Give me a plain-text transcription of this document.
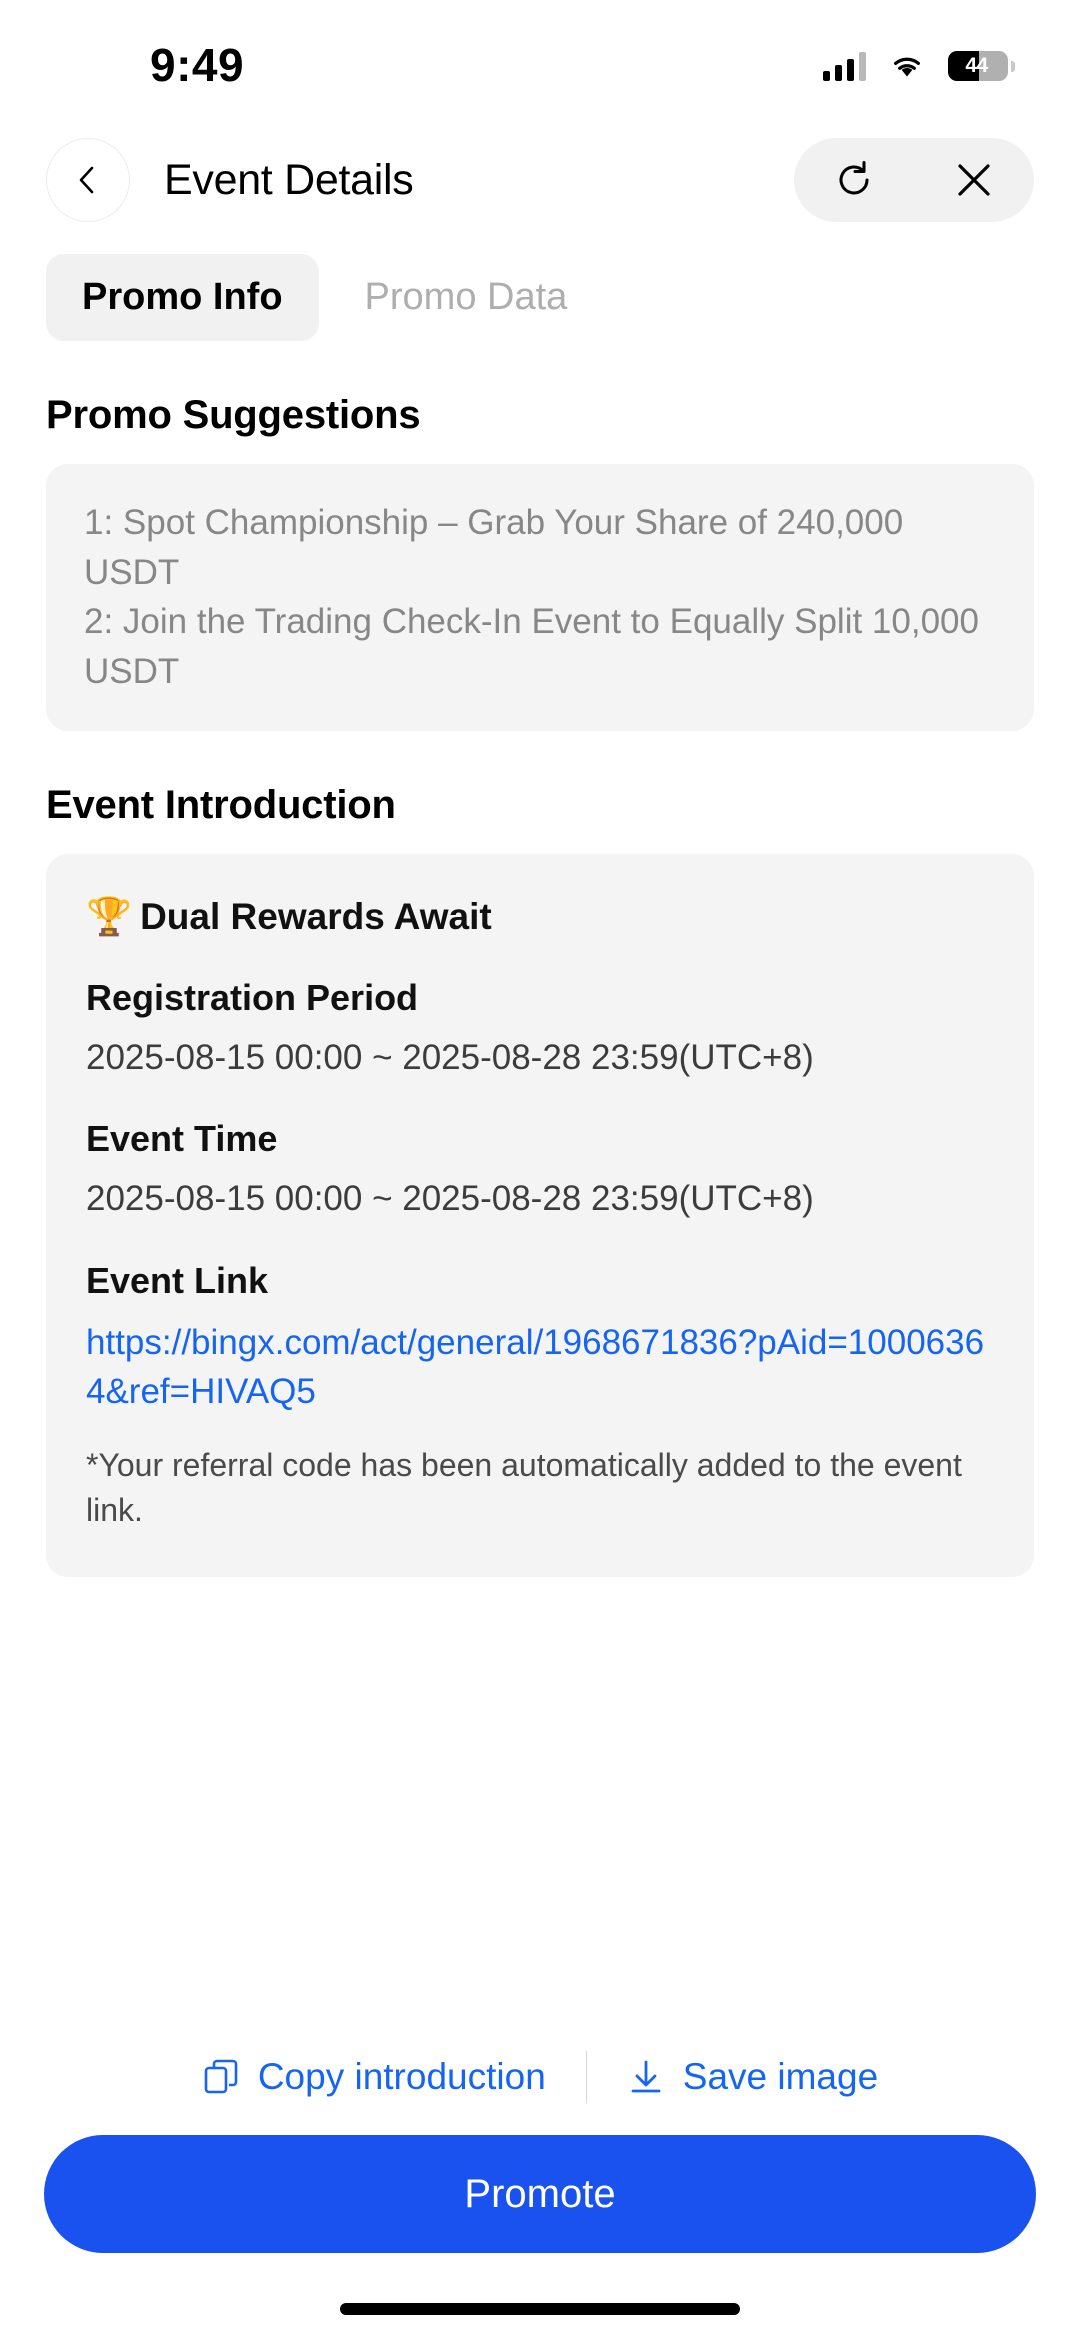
9:49	44
Event Details
Promo Info	Promo Data
Promo Suggestions
1: Spot Championship – Grab Your Share of 240,000 USDT
2: Join the Trading Check-In Event to Equally Split 10,000 USDT
Event Introduction
🏆 Dual Rewards Await
Registration Period
2025-08-15 00:00 ~ 2025-08-28 23:59(UTC+8)
Event Time
2025-08-15 00:00 ~ 2025-08-28 23:59(UTC+8)
Event Link
https://bingx.com/act/general/1968671836?pAid=10006364&ref=HIVAQ5
*Your referral code has been automatically added to the event link.
Copy introduction	Save image
Promote
